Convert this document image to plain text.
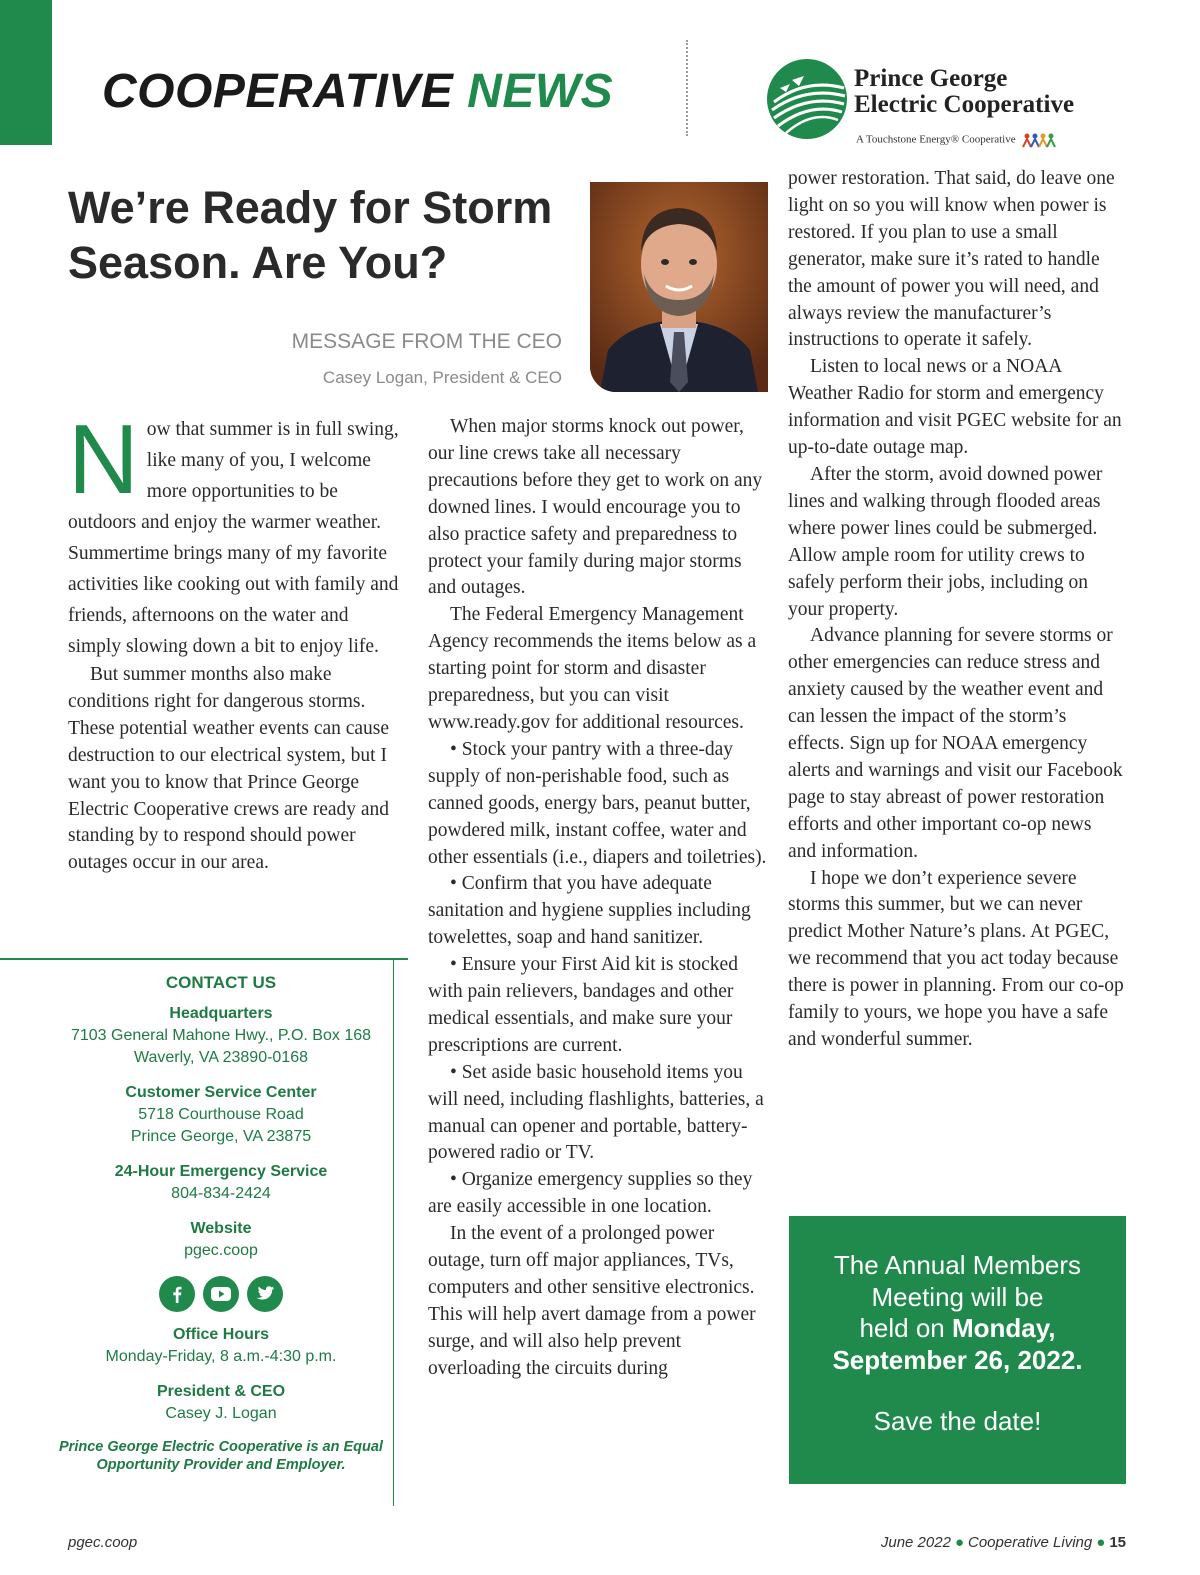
COOPERATIVE NEWS	Prince George
Electric Cooperative
A Touchstone Energy® Cooperative
We’re Ready for Storm Season. Are You?
MESSAGE FROM THE CEO
Casey Logan, President & CEO

N ow that summer is in full swing, like many of you, I welcome more opportunities to be outdoors and enjoy the warmer weather. Summertime brings many of my favorite activities like cooking out with family and friends, afternoons on the water and simply slowing down a bit to enjoy life.

But summer months also make conditions right for dangerous storms. These potential weather events can cause destruction to our electrical system, but I want you to know that Prince George Electric Cooperative crews are ready and standing by to respond should power outages occur in our area.

When major storms knock out power, our line crews take all necessary precautions before they get to work on any downed lines. I would encourage you to also practice safety and preparedness to protect your family during major storms and outages.

The Federal Emergency Management Agency recommends the items below as a starting point for storm and disaster preparedness, but you can visit www.ready.gov for additional resources.

• Stock your pantry with a three-day supply of non-perishable food, such as canned goods, energy bars, peanut butter, powdered milk, instant coffee, water and other essentials (i.e., diapers and toiletries).

• Confirm that you have adequate sanitation and hygiene supplies including towelettes, soap and hand sanitizer.

• Ensure your First Aid kit is stocked with pain relievers, bandages and other medical essentials, and make sure your prescriptions are current.

• Set aside basic household items you will need, including flashlights, batteries, a manual can opener and portable, battery-powered radio or TV.

• Organize emergency supplies so they are easily accessible in one location.

In the event of a prolonged power outage, turn off major appliances, TVs, computers and other sensitive electronics. This will help avert damage from a power surge, and will also help prevent overloading the circuits during

power restoration. That said, do leave one light on so you will know when power is restored. If you plan to use a small generator, make sure it’s rated to handle the amount of power you will need, and always review the manufacturer’s instructions to operate it safely.

Listen to local news or a NOAA Weather Radio for storm and emergency information and visit PGEC website for an up-to-date outage map.

After the storm, avoid downed power lines and walking through flooded areas where power lines could be submerged. Allow ample room for utility crews to safely perform their jobs, including on your property.

Advance planning for severe storms or other emergencies can reduce stress and anxiety caused by the weather event and can lessen the impact of the storm’s effects. Sign up for NOAA emergency alerts and warnings and visit our Facebook page to stay abreast of power restoration efforts and other important co-op news and information.

I hope we don’t experience severe storms this summer, but we can never predict Mother Nature’s plans. At PGEC, we recommend that you act today because there is power in planning. From our co-op family to yours, we hope you have a safe and wonderful summer.

CONTACT US
Headquarters
7103 General Mahone Hwy., P.O. Box 168
Waverly, VA 23890-0168
Customer Service Center
5718 Courthouse Road
Prince George, VA 23875
24-Hour Emergency Service
804-834-2424
Website
pgec.coop
Office Hours
Monday-Friday, 8 a.m.-4:30 p.m.
President & CEO
Casey J. Logan
Prince George Electric Cooperative is an Equal Opportunity Provider and Employer.
The Annual Members
Meeting will be
held on Monday,
September 26, 2022.
Save the date!
pgec.coop	June 2022 ● Cooperative Living ● 15
